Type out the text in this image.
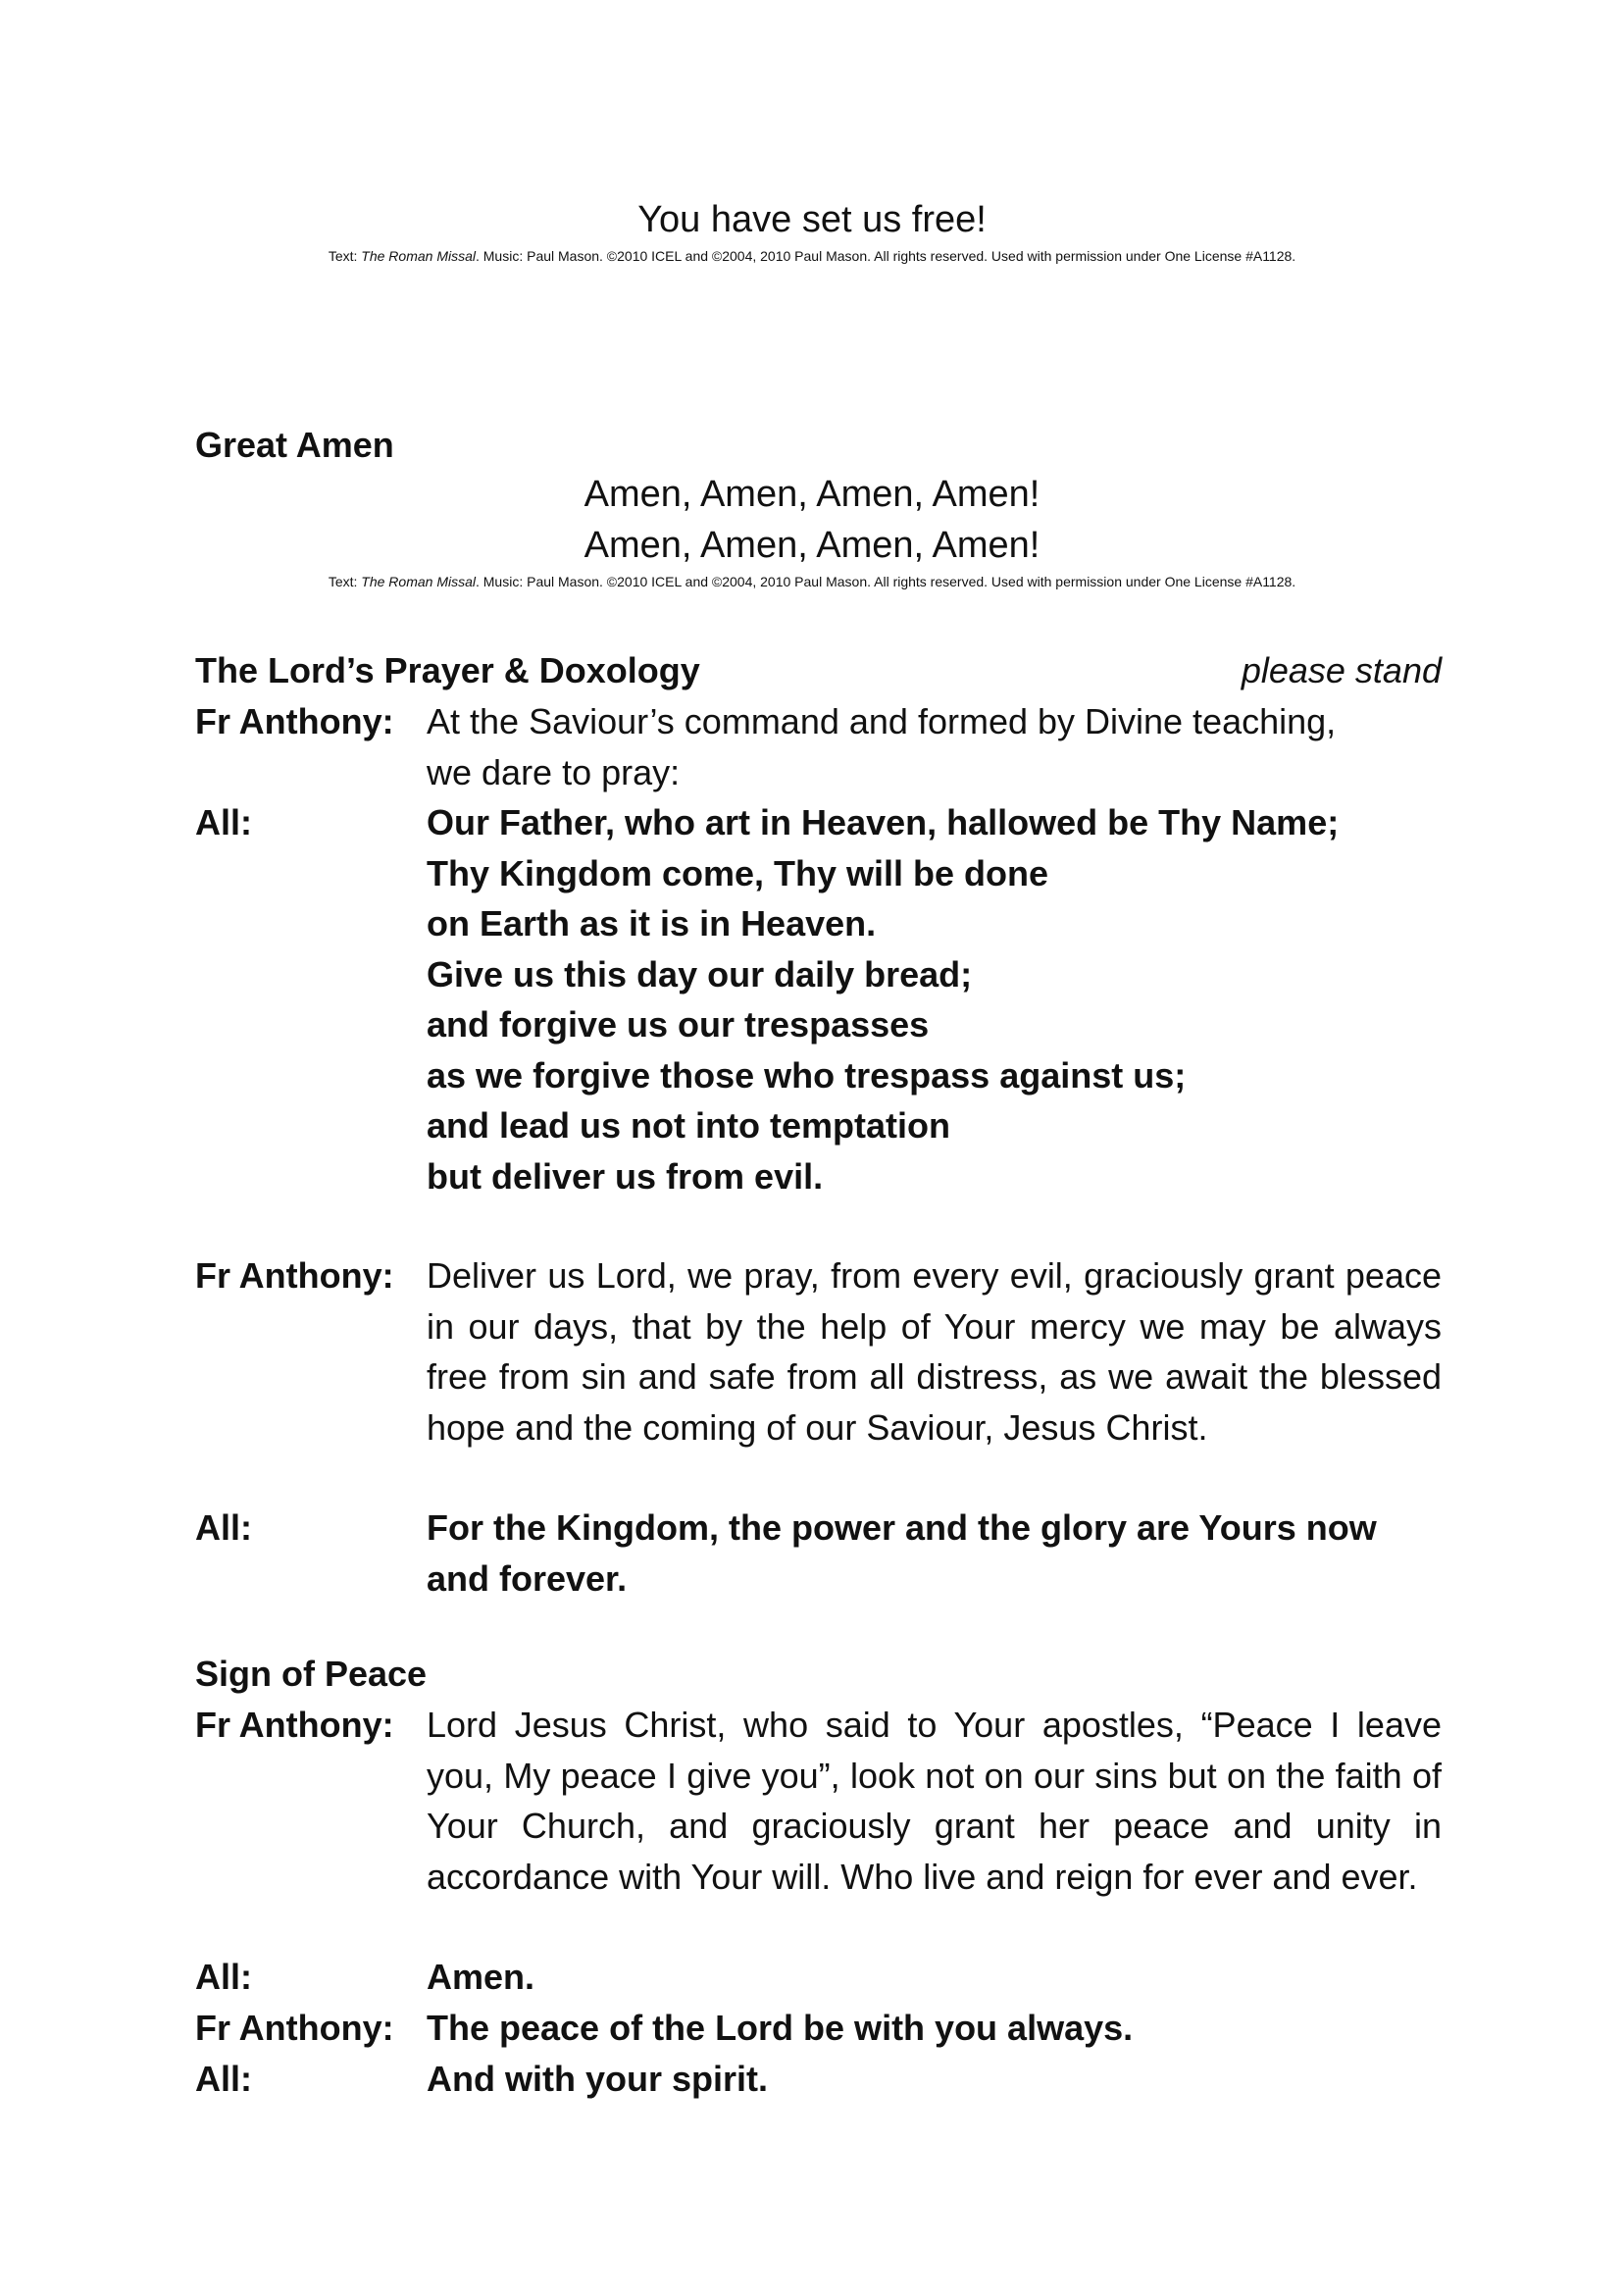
You have set us free!
Text: The Roman Missal. Music: Paul Mason. ©2010 ICEL and ©2004, 2010 Paul Mason. All rights reserved. Used with permission under One License #A1128.
Great Amen
Amen, Amen, Amen, Amen!
Amen, Amen, Amen, Amen!
Text: The Roman Missal. Music: Paul Mason. ©2010 ICEL and ©2004, 2010 Paul Mason. All rights reserved. Used with permission under One License #A1128.
The Lord’s Prayer & Doxology	please stand
Fr Anthony: At the Saviour’s command and formed by Divine teaching,
we dare to pray:
All:	Our Father, who art in Heaven, hallowed be Thy Name;
Thy Kingdom come, Thy will be done
on Earth as it is in Heaven.
Give us this day our daily bread;
and forgive us our trespasses
as we forgive those who trespass against us;
and lead us not into temptation
but deliver us from evil.
Fr Anthony: Deliver us Lord, we pray, from every evil, graciously grant peace in our days, that by the help of Your mercy we may be always free from sin and safe from all distress, as we await the blessed hope and the coming of our Saviour, Jesus Christ.
All:	For the Kingdom, the power and the glory are Yours now and forever.
Sign of Peace
Fr Anthony: Lord Jesus Christ, who said to Your apostles, “Peace I leave you, My peace I give you”, look not on our sins but on the faith of Your Church, and graciously grant her peace and unity in accordance with Your will. Who live and reign for ever and ever.
All:	Amen.
Fr Anthony: The peace of the Lord be with you always.
All:	And with your spirit.
